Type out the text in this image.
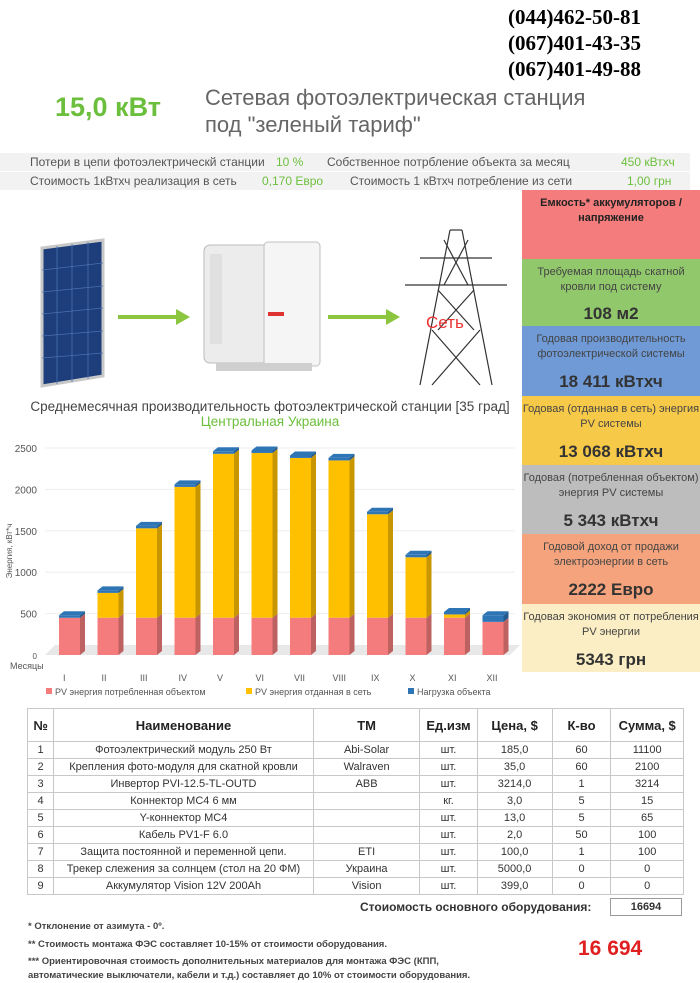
(044)462-50-81
(067)401-43-35
(067)401-49-88
15,0 кВт Сетевая фотоэлектрическая станция
под "зеленый тариф"
Потери в цепи фотоэлектрическй станции 10 % Собственное потрбление объекта за месяц	450 кВтхч
Стоимость 1кВтхч реализация в сеть 0,170 Евро Стоимость 1 кВтхч потребление из сети	1,00 грн
Сеть
Емкость* аккумуляторов / напряжение
Требуемая площадь скатной кровли под систему
108 м2
Годовая производительность фотоэлектрической системы
18 411 кВтхч
Годовая (отданная в сеть) энергия PV системы
13 068 кВтхч
Годовая (потребленная объектом) энергия PV системы
5 343 кВтхч
Годовой доход от продажи электроэнергии в сеть
2222 Евро
Годовая экономия от потребления PV энергии
5343 грн
Среднемесячная производительность фотоэлектрической станции [35 град]
Центральная Украина
500
1000
1500
2000
2500
0
Энергия, кВт*ч
Месяцы
I	II	III	IV	V	VI	VII	VIII	IX	X	XI	XII
PV энергия потребленная объектом	PV энергия отданная в сеть	Нагрузка объекта
№	Наименование	ТМ	Ед.изм	Цена, $	К-во	Сумма, $
1	Фотоэлектрический модуль 250 Вт	Abi-Solar	шт.	185,0	60	11100
2	Крепления фото-модуля для скатной кровли	Walraven	шт.	35,0	60	2100
3	Инвертор PVI-12.5-TL-OUTD	ABB	шт.	3214,0	1	3214
4	Коннектор МС4 6 мм		кг.	3,0	5	15
5	Y-коннектор МС4		шт.	13,0	5	65
6	Кабель PV1-F 6.0		шт.	2,0	50	100
7	Защита постоянной и переменной цепи.	ETI	шт.	100,0	1	100
8	Трекер слежения за солнцем (стол на 20 ФМ)	Украина	шт.	5000,0	0	0
9	Аккумулятор Vision 12V 200Ah	Vision	шт.	399,0	0	0
Стоиомость основного оборудования:	16694
* Отклонение от азимута - 0º.
** Стоимость монтажа ФЭС составляет 10-15% от стоимости оборудования.
*** Ориентировочная стоимость дополнительных материалов для монтажа ФЭС (КПП, автоматические выключатели, кабели и т.д.) составляет до 10% от стоимости оборудования.
16 694
